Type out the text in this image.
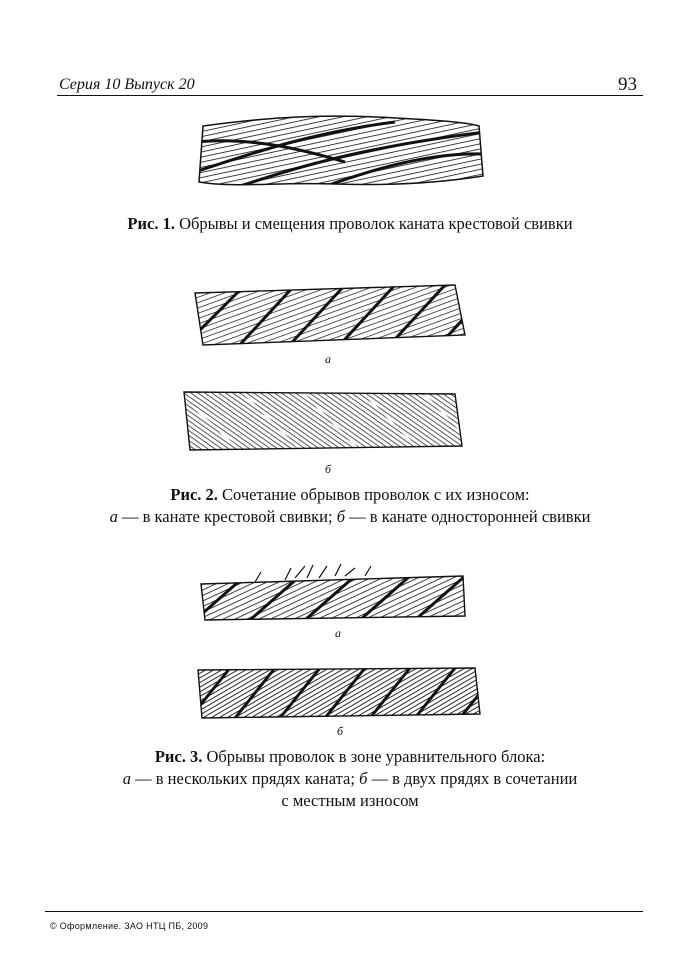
Серия 10 Выпуск 20	93
Рис. 1. Обрывы и смещения проволок каната крестовой свивки
а
б
Рис. 2. Сочетание обрывов проволок с их износом:
а — в канате крестовой свивки; б — в канате односторонней свивки
а
б
Рис. 3. Обрывы проволок в зоне уравнительного блока:
а — в нескольких прядях каната; б — в двух прядях в сочетании
с местным износом
© Оформление. ЗАО НТЦ ПБ, 2009
